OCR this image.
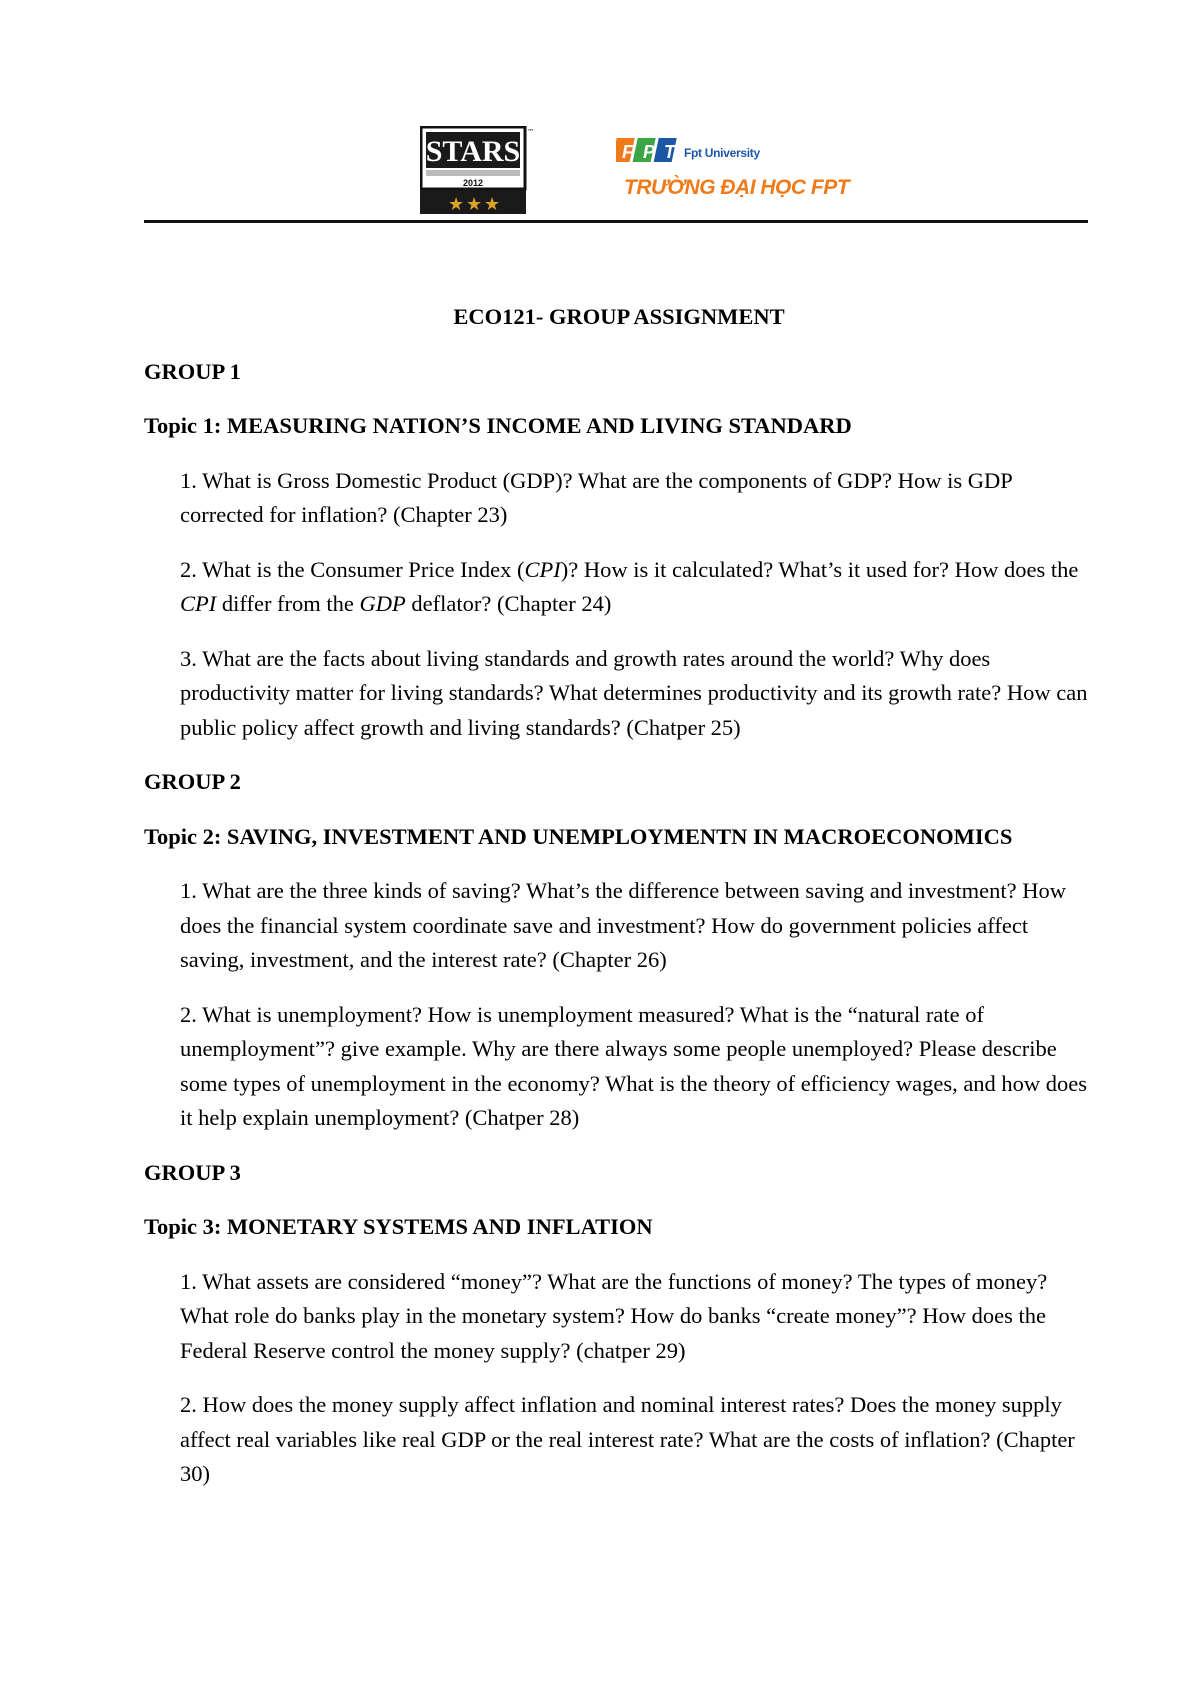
STARS
2012
★ ★ ★
™
F P T Fpt University
TRƯỜNG ĐẠI HỌC FPT
ECO121- GROUP ASSIGNMENT
GROUP 1
Topic 1: MEASURING NATION’S INCOME AND LIVING STANDARD
1. What is Gross Domestic Product (GDP)? What are the components of GDP? How is GDP corrected for inflation? (Chapter 23)
2. What is the Consumer Price Index (CPI)? How is it calculated? What’s it used for? How does the CPI differ from the GDP deflator? (Chapter 24)
3. What are the facts about living standards and growth rates around the world? Why does productivity matter for living standards? What determines productivity and its growth rate? How can public policy affect growth and living standards? (Chatper 25)
GROUP 2
Topic 2: SAVING, INVESTMENT AND UNEMPLOYMENTN IN MACROECONOMICS
1. What are the three kinds of saving? What’s the difference between saving and investment? How does the financial system coordinate save and investment? How do government policies affect saving, investment, and the interest rate? (Chapter 26)
2. What is unemployment? How is unemployment measured? What is the “natural rate of unemployment”? give example. Why are there always some people unemployed? Please describe some types of unemployment in the economy? What is the theory of efficiency wages, and how does it help explain unemployment? (Chatper 28)
GROUP 3
Topic 3: MONETARY SYSTEMS AND INFLATION
1. What assets are considered “money”? What are the functions of money? The types of money? What role do banks play in the monetary system? How do banks “create money”? How does the Federal Reserve control the money supply? (chatper 29)
2. How does the money supply affect inflation and nominal interest rates? Does the money supply affect real variables like real GDP or the real interest rate? What are the costs of inflation? (Chapter 30)
